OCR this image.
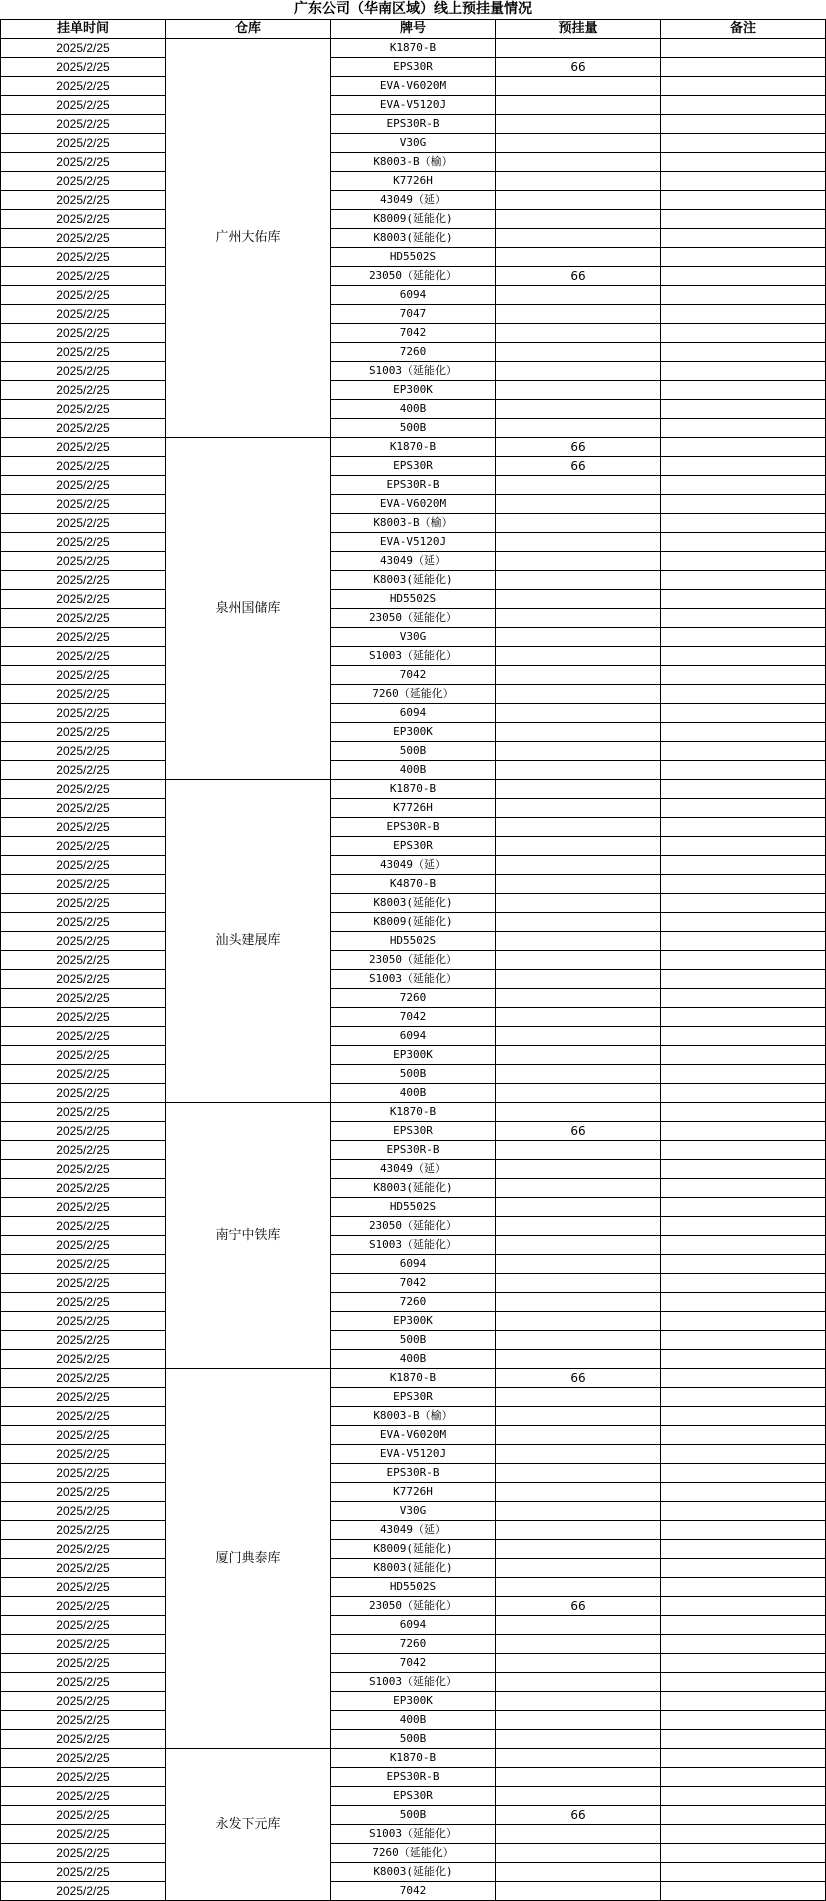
广东公司（华南区域）线上预挂量情况
挂单时间	仓库	牌号	预挂量	备注
2025/2/25	广州大佑库	K1870-B		
2025/2/25		EPS30R	66	
2025/2/25		EVA-V6020M		
2025/2/25		EVA-V5120J		
2025/2/25		EPS30R-B		
2025/2/25		V30G		
2025/2/25		K8003-B（榆）		
2025/2/25		K7726H		
2025/2/25		43049（延）		
2025/2/25		K8009(延能化)		
2025/2/25		K8003(延能化)		
2025/2/25		HD5502S		
2025/2/25		23050（延能化）	66	
2025/2/25		6094		
2025/2/25		7047		
2025/2/25		7042		
2025/2/25		7260		
2025/2/25		S1003（延能化）		
2025/2/25		EP300K		
2025/2/25		400B		
2025/2/25		500B		
2025/2/25	泉州国储库	K1870-B	66	
2025/2/25		EPS30R	66	
2025/2/25		EPS30R-B		
2025/2/25		EVA-V6020M		
2025/2/25		K8003-B（榆）		
2025/2/25		EVA-V5120J		
2025/2/25		43049（延）		
2025/2/25		K8003(延能化)		
2025/2/25		HD5502S		
2025/2/25		23050（延能化）		
2025/2/25		V30G		
2025/2/25		S1003（延能化）		
2025/2/25		7042		
2025/2/25		7260（延能化）		
2025/2/25		6094		
2025/2/25		EP300K		
2025/2/25		500B		
2025/2/25		400B		
2025/2/25	汕头建展库	K1870-B		
2025/2/25		K7726H		
2025/2/25		EPS30R-B		
2025/2/25		EPS30R		
2025/2/25		43049（延）		
2025/2/25		K4870-B		
2025/2/25		K8003(延能化)		
2025/2/25		K8009(延能化)		
2025/2/25		HD5502S		
2025/2/25		23050（延能化）		
2025/2/25		S1003（延能化）		
2025/2/25		7260		
2025/2/25		7042		
2025/2/25		6094		
2025/2/25		EP300K		
2025/2/25		500B		
2025/2/25		400B		
2025/2/25	南宁中铁库	K1870-B		
2025/2/25		EPS30R	66	
2025/2/25		EPS30R-B		
2025/2/25		43049（延）		
2025/2/25		K8003(延能化)		
2025/2/25		HD5502S		
2025/2/25		23050（延能化）		
2025/2/25		S1003（延能化）		
2025/2/25		6094		
2025/2/25		7042		
2025/2/25		7260		
2025/2/25		EP300K		
2025/2/25		500B		
2025/2/25		400B		
2025/2/25	厦门典泰库	K1870-B	66	
2025/2/25		EPS30R		
2025/2/25		K8003-B（榆）		
2025/2/25		EVA-V6020M		
2025/2/25		EVA-V5120J		
2025/2/25		EPS30R-B		
2025/2/25		K7726H		
2025/2/25		V30G		
2025/2/25		43049（延）		
2025/2/25		K8009(延能化)		
2025/2/25		K8003(延能化)		
2025/2/25		HD5502S		
2025/2/25		23050（延能化）	66	
2025/2/25		6094		
2025/2/25		7260		
2025/2/25		7042		
2025/2/25		S1003（延能化）		
2025/2/25		EP300K		
2025/2/25		400B		
2025/2/25		500B		
2025/2/25	永发下元库	K1870-B		
2025/2/25		EPS30R-B		
2025/2/25		EPS30R		
2025/2/25		500B	66	
2025/2/25		S1003（延能化）		
2025/2/25		7260（延能化）		
2025/2/25		K8003(延能化)		
2025/2/25		7042		
